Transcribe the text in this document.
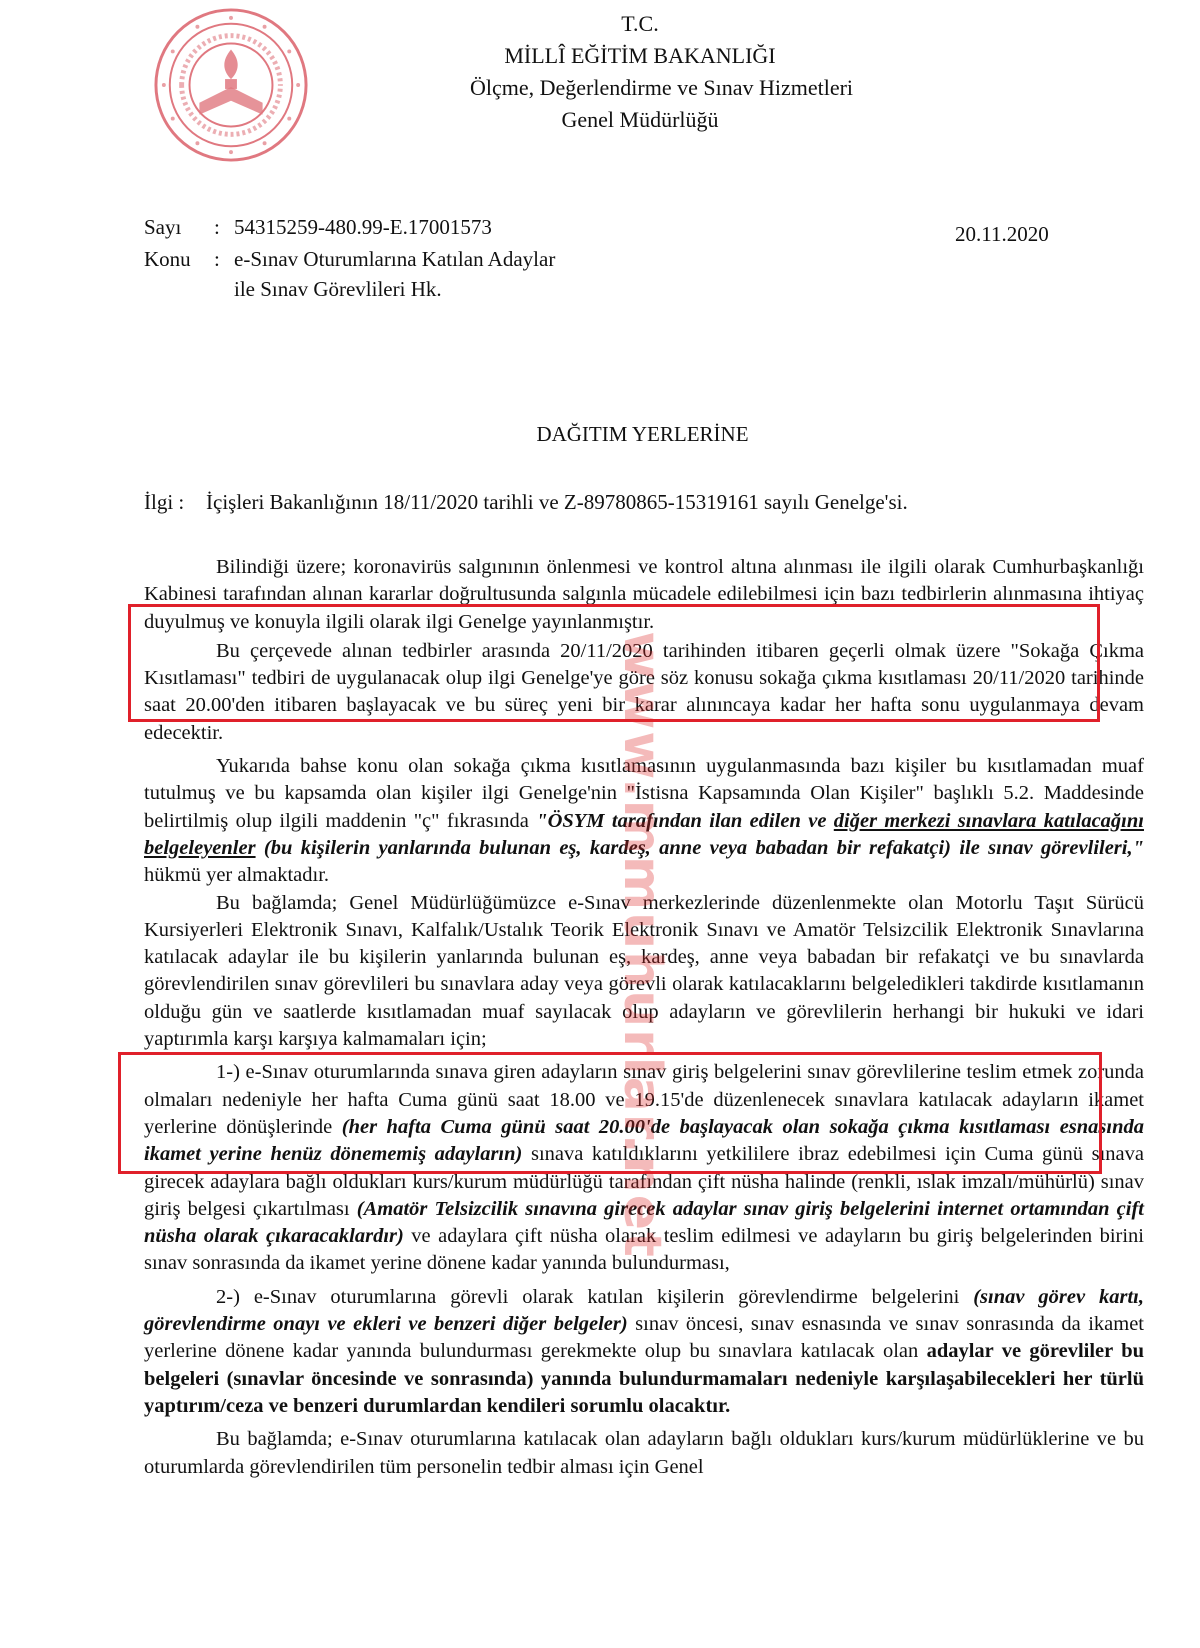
T.C.
MİLLÎ EĞİTİM BAKANLIĞI
Ölçme, Değerlendirme ve Sınav Hizmetleri
Genel Müdürlüğü
Sayı : 54315259-480.99-E.17001573	20.11.2020
Konu : e-Sınav Oturumlarına Katılan Adaylar
ile Sınav Görevlileri Hk.
DAĞITIM YERLERİNE
İlgi : İçişleri Bakanlığının 18/11/2020 tarihli ve Z-89780865-15319161 sayılı Genelge'si.

Bilindiği üzere; koronavirüs salgınının önlenmesi ve kontrol altına alınması ile ilgili olarak Cumhurbaşkanlığı Kabinesi tarafından alınan kararlar doğrultusunda salgınla mücadele edilebilmesi için bazı tedbirlerin alınmasına ihtiyaç duyulmuş ve konuyla ilgili olarak ilgi Genelge yayınlanmıştır.

Bu çerçevede alınan tedbirler arasında 20/11/2020 tarihinden itibaren geçerli olmak üzere "Sokağa Çıkma Kısıtlaması" tedbiri de uygulanacak olup ilgi Genelge'ye göre söz konusu sokağa çıkma kısıtlaması 20/11/2020 tarihinde saat 20.00'den itibaren başlayacak ve bu süreç yeni bir karar alınıncaya kadar her hafta sonu uygulanmaya devam edecektir.

Yukarıda bahse konu olan sokağa çıkma kısıtlamasının uygulanmasında bazı kişiler bu kısıtlamadan muaf tutulmuş ve bu kapsamda olan kişiler ilgi Genelge'nin "İstisna Kapsamında Olan Kişiler" başlıklı 5.2. Maddesinde belirtilmiş olup ilgili maddenin "ç" fıkrasında "ÖSYM tarafından ilan edilen ve diğer merkezi sınavlara katılacağını belgeleyenler (bu kişilerin yanlarında bulunan eş, kardeş, anne veya babadan bir refakatçi) ile sınav görevlileri," hükmü yer almaktadır.

Bu bağlamda; Genel Müdürlüğümüzce e-Sınav merkezlerinde düzenlenmekte olan Motorlu Taşıt Sürücü Kursiyerleri Elektronik Sınavı, Kalfalık/Ustalık Teorik Elektronik Sınavı ve Amatör Telsizcilik Elektronik Sınavlarına katılacak adaylar ile bu kişilerin yanlarında bulunan eş, kardeş, anne veya babadan bir refakatçi ve bu sınavlarda görevlendirilen sınav görevlileri bu sınavlara aday veya görevli olarak katılacaklarını belgeledikleri takdirde kısıtlamanın olduğu gün ve saatlerde kısıtlamadan muaf sayılacak olup adayların ve görevlilerin herhangi bir hukuki ve idari yaptırımla karşı karşıya kalmamaları için;

1-) e-Sınav oturumlarında sınava giren adayların sınav giriş belgelerini sınav görevlilerine teslim etmek zorunda olmaları nedeniyle her hafta Cuma günü saat 18.00 ve 19.15'de düzenlenecek sınavlara katılacak adayların ikamet yerlerine dönüşlerinde (her hafta Cuma günü saat 20.00'de başlayacak olan sokağa çıkma kısıtlaması esnasında ikamet yerine henüz dönememiş adayların) sınava katıldıklarını yetkililere ibraz edebilmesi için Cuma günü sınava girecek adaylara bağlı oldukları kurs/kurum müdürlüğü tarafından çift nüsha halinde (renkli, ıslak imzalı/mühürlü) sınav giriş belgesi çıkartılması (Amatör Telsizcilik sınavına girecek adaylar sınav giriş belgelerini internet ortamından çift nüsha olarak çıkaracaklardır) ve adaylara çift nüsha olarak teslim edilmesi ve adayların bu giriş belgelerinden birini sınav sonrasında da ikamet yerine dönene kadar yanında bulundurması,

2-) e-Sınav oturumlarına görevli olarak katılan kişilerin görevlendirme belgelerini (sınav görev kartı, görevlendirme onayı ve ekleri ve benzeri diğer belgeler) sınav öncesi, sınav esnasında ve sınav sonrasında da ikamet yerlerine dönene kadar yanında bulundurması gerekmekte olup bu sınavlara katılacak olan adaylar ve görevliler bu belgeleri (sınavlar öncesinde ve sonrasında) yanında bulundurmamaları nedeniyle karşılaşabilecekleri her türlü yaptırım/ceza ve benzeri durumlardan kendileri sorumlu olacaktır.

Bu bağlamda; e-Sınav oturumlarına katılacak olan adayların bağlı oldukları kurs/kurum müdürlüklerine ve bu oturumlarda görevlendirilen tüm personelin tedbir alması için Genel

www.mmuhurlar.net
